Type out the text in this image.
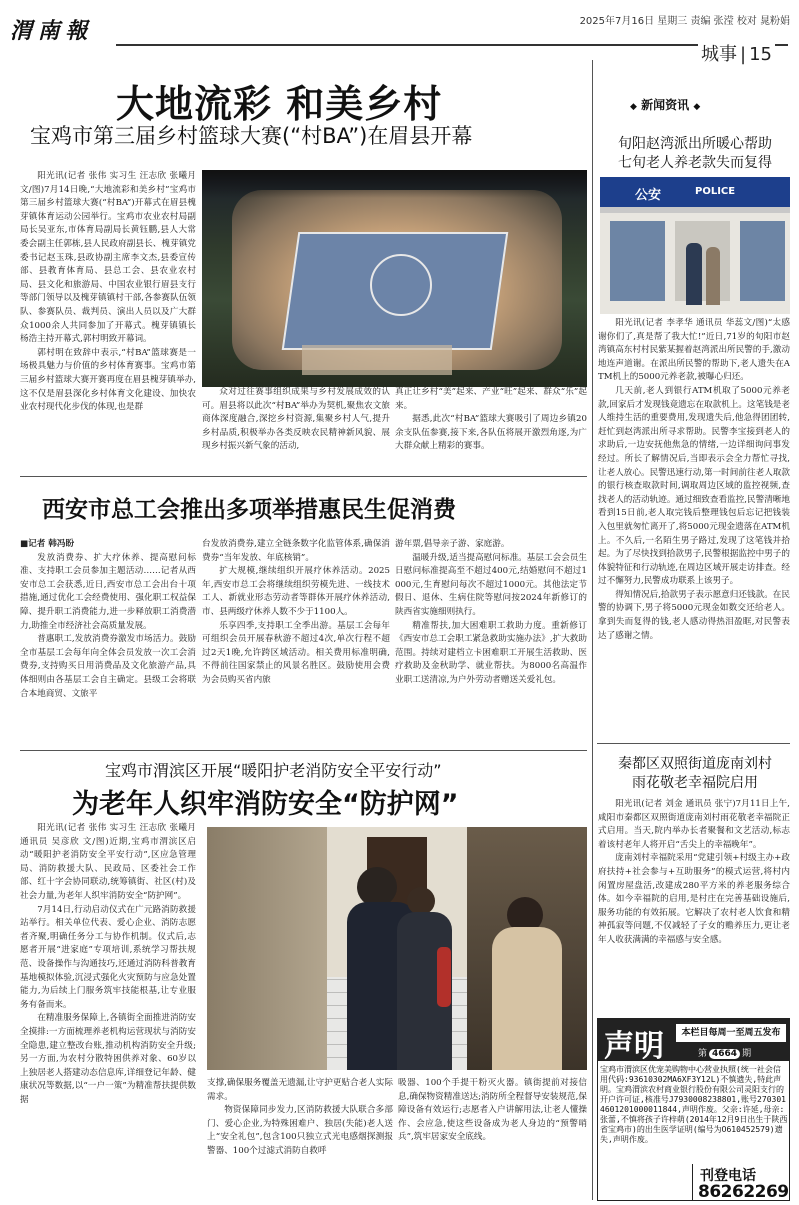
渭 南 報	2025年7月16日 星期三 责编 张滢 校对 晁粉娟
城事 | 15
大地流彩 和美乡村
宝鸡市第三届乡村篮球大赛(“村BA”)在眉县开幕

阳光讯(记者 张伟 实习生 汪志欣 张曦月 文/图)7月14日晚,“大地流彩和美乡村”宝鸡市第三届乡村篮球大赛(“村BA”)开幕式在眉县槐芽镇体育运动公园举行。宝鸡市农业农村局副局长吴亚东,市体育局副局长黄钰鹏,县人大常委会副主任郭栋,县人民政府副县长、槐芽镇党委书记赵玉珠,县政协副主席李文杰,县委宣传部、县教育体育局、县总工会、县农业农村局、县文化和旅游局、中国农业银行眉县支行等部门领导以及槐芽镇镇村干部,各参赛队伍领队、参赛队员、裁判员、演出人员以及广大群众1000余人共同参加了开幕式。槐芽镇镇长杨浩主持开幕式,郭村明致开幕词。

郭村明在致辞中表示,“村BA”篮球赛是一场极具魅力与价值的乡村体育赛事。宝鸡市第三届乡村篮球大赛开赛再度在眉县槐芽镇举办,这不仅是眉县深化乡村体育文化建设、加快农业农村现代化步伐的体现,也是群

众对过往赛事组织成果与乡村发展成效的认可。眉县将以此次“村BA”举办为契机,聚焦农文旅商体深度融合,深挖乡村资源,集聚乡村人气,提升乡村品质,积极举办各类反映农民精神新风貌、展现乡村振兴新气象的活动,

真正让乡村“美”起来、产业“旺”起来、群众“乐”起来。

据悉,此次“村BA”篮球大赛吸引了周边乡镇20余支队伍参赛,接下来,各队伍将展开激烈角逐,为广大群众献上精彩的赛事。

西安市总工会推出多项举措惠民生促消费
■记者 韩冯盼

发放消费券、扩大疗休养、提高慰问标准、支持职工会员参加主题活动……记者从西安市总工会获悉,近日,西安市总工会出台十项措施,通过优化工会经费使用、强化职工权益保障、提升职工消费能力,进一步释放职工消费潜力,助推全市经济社会高质量发展。

普惠职工,发放消费券激发市场活力。鼓励全市基层工会每年向全体会员发放一次工会消费券,支持购买日用消费品及文化旅游产品,具体细则由各基层工会自主确定。县级工会将联合本地商贸、文旅平

台发放消费券,建立全链条数字化监管体系,确保消费券“当年发放、年底核销”。

扩大规模,继续组织开展疗休养活动。2025年,西安市总工会将继续组织劳模先进、一线技术工人、新就业形态劳动者等群体开展疗休养活动,市、县两级疗休养人数不少于1100人。

乐享四季,支持职工全季出游。基层工会每年可组织会员开展春秋游不超过4次,单次行程不超过2天1晚,允许跨区域活动。相关费用标准明确,不得前往国家禁止的风景名胜区。鼓励使用会费为会员购买省内旅

游年票,倡导亲子游、家庭游。

温暖升级,适当提高慰问标准。基层工会会员生日慰问标准提高至不超过400元,结婚慰问不超过1000元,生育慰问每次不超过1000元。其他法定节假日、退休、生病住院等慰问按2024年新修订的陕西省实施细则执行。

精准帮扶,加大困难职工救助力度。重新修订《西安市总工会职工紧急救助实施办法》,扩大救助范围。持续对建档立卡困难职工开展生活救助、医疗救助及金秋助学、就业帮扶。为8000名高温作业职工送清凉,为户外劳动者赠送关爱礼包。

宝鸡市渭滨区开展“暖阳护老消防安全平安行动”
为老年人织牢消防安全“防护网”

阳光讯(记者 张伟 实习生 汪志欣 张曦月 通讯员 吴彦欣 文/图)近期,宝鸡市渭滨区启动“暖阳护老消防安全平安行动”,区应急管理局、消防救援大队、民政局、区委社会工作部、红十字会协同联动,统筹镇街、社区(村)及社会力量,为老年人织牢消防安全“防护网”。

7月14日,行动启动仪式在广元路消防救援站举行。相关单位代表、爱心企业、消防志愿者齐聚,明确任务分工与协作机制。仪式后,志愿者开展“进家庭”专项培训,系统学习帮扶规范、设备操作与沟通技巧,还通过消防科普教育基地模拟体验,沉浸式强化火灾预防与应急处置能力,为后续上门服务筑牢技能根基,让专业服务有备而来。

在精准服务保障上,各镇街全面推进消防安全摸排:一方面梳理养老机构运营现状与消防安全隐患,建立整改台账,推动机构消防安全升级;另一方面,为农村分散特困供养对象、60岁以上独居老人搭建动态信息库,详细登记年龄、健康状况等数据,以“一户一策”为精准帮扶提供数据

支撑,确保服务覆盖无遗漏,让守护更贴合老人实际需求。

物资保障同步发力,区消防救援大队联合多部门、爱心企业,为特殊困难户、独居(失能)老人送上“安全礼包”,包含100只独立式光电感烟探测报警器、100个过滤式消防自救呼

吸器、100个手提干粉灭火器。镇街提前对接信息,确保物资精准送达;消防所全程督导安装规范,保障设备有效运行;志愿者入户讲解用法,让老人懂操作、会应急,使这些设备成为老人身边的“预警哨兵”,筑牢居家安全底线。

◆ 新闻资讯 ◆
旬阳赵湾派出所暖心帮助
七旬老人养老款失而复得
公安	POLICE

阳光讯(记者 李孝华 通讯员 华蕊文/图)“太感谢你们了,真是帮了我大忙!”近日,71岁的旬阳市赵湾镇高东村村民紫某握着赵湾派出所民警的手,激动地连声道谢。在派出所民警的帮助下,老人遗失在ATM机上的5000元养老款,被曝心归还。

几天前,老人到银行ATM机取了5000元养老款,回家后才发现钱竟遗忘在取款机上。这笔钱是老人维持生活的重要费用,发现遗失后,他急得团团转,赶忙到赵湾派出所寻求帮助。民警李宝接到老人的求助后,一边安抚他焦急的情绪,一边详细询问事发经过。所长了解情况后,当即表示会全力帮忙寻找,让老人放心。民警迅速行动,第一时间前往老人取款的银行核查取款时间,调取周边区域的监控视频,查找老人的活动轨迹。通过细致查看监控,民警清晰地看到15日前,老人取完钱后整理钱包后忘记把钱装入包里就匆忙离开了,将5000元现金遗落在ATM机上。不久后,一名陌生男子路过,发现了这笔钱并拾起。为了尽快找到拾款男子,民警根据监控中男子的体貌特征和行动轨迹,在周边区域开展走访排查。经过不懈努力,民警成功联系上该男子。

得知情况后,拾款男子表示愿意归还钱款。在民警的协调下,男子将5000元现金如数交还给老人。拿到失而复得的钱,老人感动得热泪盈眶,对民警表达了感谢之情。

秦都区双照街道庞南刘村
雨花敬老幸福院启用

阳光讯(记者 刘金 通讯员 张宁)7月11日上午,咸阳市秦都区双照街道庞南刘村雨花敬老幸福院正式启用。当天,院内举办长者聚餐和文艺活动,标志着该村老年人将开启“舌尖上的幸福晚年”。

庞南刘村幸福院采用“党建引领+村级主办+政府扶持+社会参与+互助服务”的模式运营,将村内闲置房屋盘活,改建成280平方米的养老服务综合体。如今幸福院的启用,是村庄在完善基础设施后,服务功能的有效拓展。它解决了农村老人饮食和精神孤寂等问题,不仅减轻了子女的赡养压力,更让老年人收获满满的幸福感与安全感。

声明	本栏目每周一至周五发布
第 4664 期
宝鸡市渭滨区优宠美购物中心营业执照(统一社会信用代码:93610302MA6XF3Y12L)不慎遗失,特此声明。宝鸡渭滨农村商业银行股份有限公司灵阳支行的开户许可证,核准号J7930008238801,账号2703014601201000011844,声明作废。父亲:许延,母亲:张蕾,不慎将孩子许梓萌(2014年12月9日出生于陕西省宝鸡市)的出生医学证明(编号为O610452579)遗失,声明作废。
刊登电话
86262269
